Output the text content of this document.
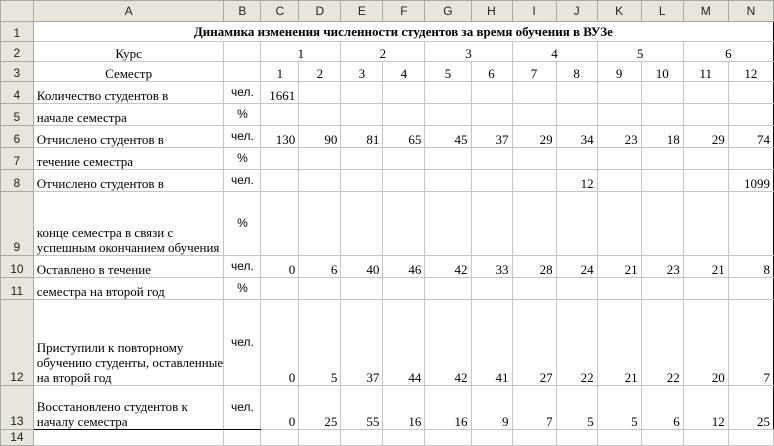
	A	B	C	D	E	F	G	H	I	J	K	L	M	N
1	Динамика изменения численности студентов за время обучения в ВУЗе													
2	Курс		1		2		3		4		5		6	
3	Семестр		1	2	3	4	5	6	7	8	9	10	11	12
4	Количество студентов в	чел.	1661											
5	начале семестра	%												
6	Отчислено студентов в	чел.	130	90	81	65	45	37	29	34	23	18	29	74
7	течение семестра	%												
8	Отчислено студентов в	чел.								12				1099
9	конце семестра в связи с успешным окончанием обучения	%												
10	Оставлено в течение	чел.	0	6	40	46	42	33	28	24	21	23	21	8
11	семестра на второй год	%												
12	Приступили к повторному обучению студенты, оставленные на второй год	чел.	0	5	37	44	42	41	27	22	21	22	20	7
13	Восстановлено студентов к началу семестра	чел.	0	25	55	16	16	9	7	5	5	6	12	25
14														
